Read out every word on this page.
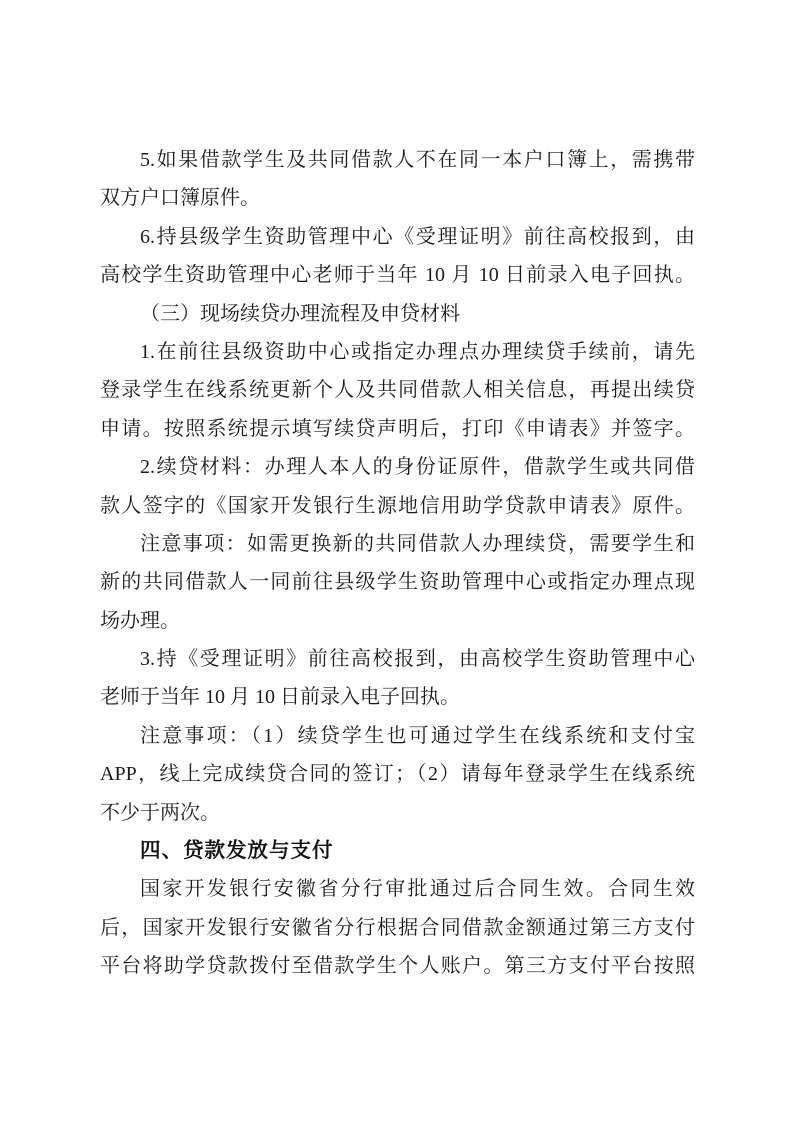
5.如果借款学生及共同借款人不在同一本户口簿上，需携带
双方户口簿原件。
6.持县级学生资助管理中心《受理证明》前往高校报到，由
高校学生资助管理中心老师于当年 10 月 10 日前录入电子回执。
（三）现场续贷办理流程及申贷材料
1.在前往县级资助中心或指定办理点办理续贷手续前，请先
登录学生在线系统更新个人及共同借款人相关信息，再提出续贷
申请。按照系统提示填写续贷声明后，打印《申请表》并签字。
2.续贷材料：办理人本人的身份证原件，借款学生或共同借
款人签字的《国家开发银行生源地信用助学贷款申请表》原件。
注意事项：如需更换新的共同借款人办理续贷，需要学生和
新的共同借款人一同前往县级学生资助管理中心或指定办理点现
场办理。
3.持《受理证明》前往高校报到，由高校学生资助管理中心
老师于当年 10 月 10 日前录入电子回执。
注意事项：（1）续贷学生也可通过学生在线系统和支付宝
APP，线上完成续贷合同的签订；（2）请每年登录学生在线系统
不少于两次。
四、贷款发放与支付
国家开发银行安徽省分行审批通过后合同生效。合同生效
后，国家开发银行安徽省分行根据合同借款金额通过第三方支付
平台将助学贷款拨付至借款学生个人账户。第三方支付平台按照
